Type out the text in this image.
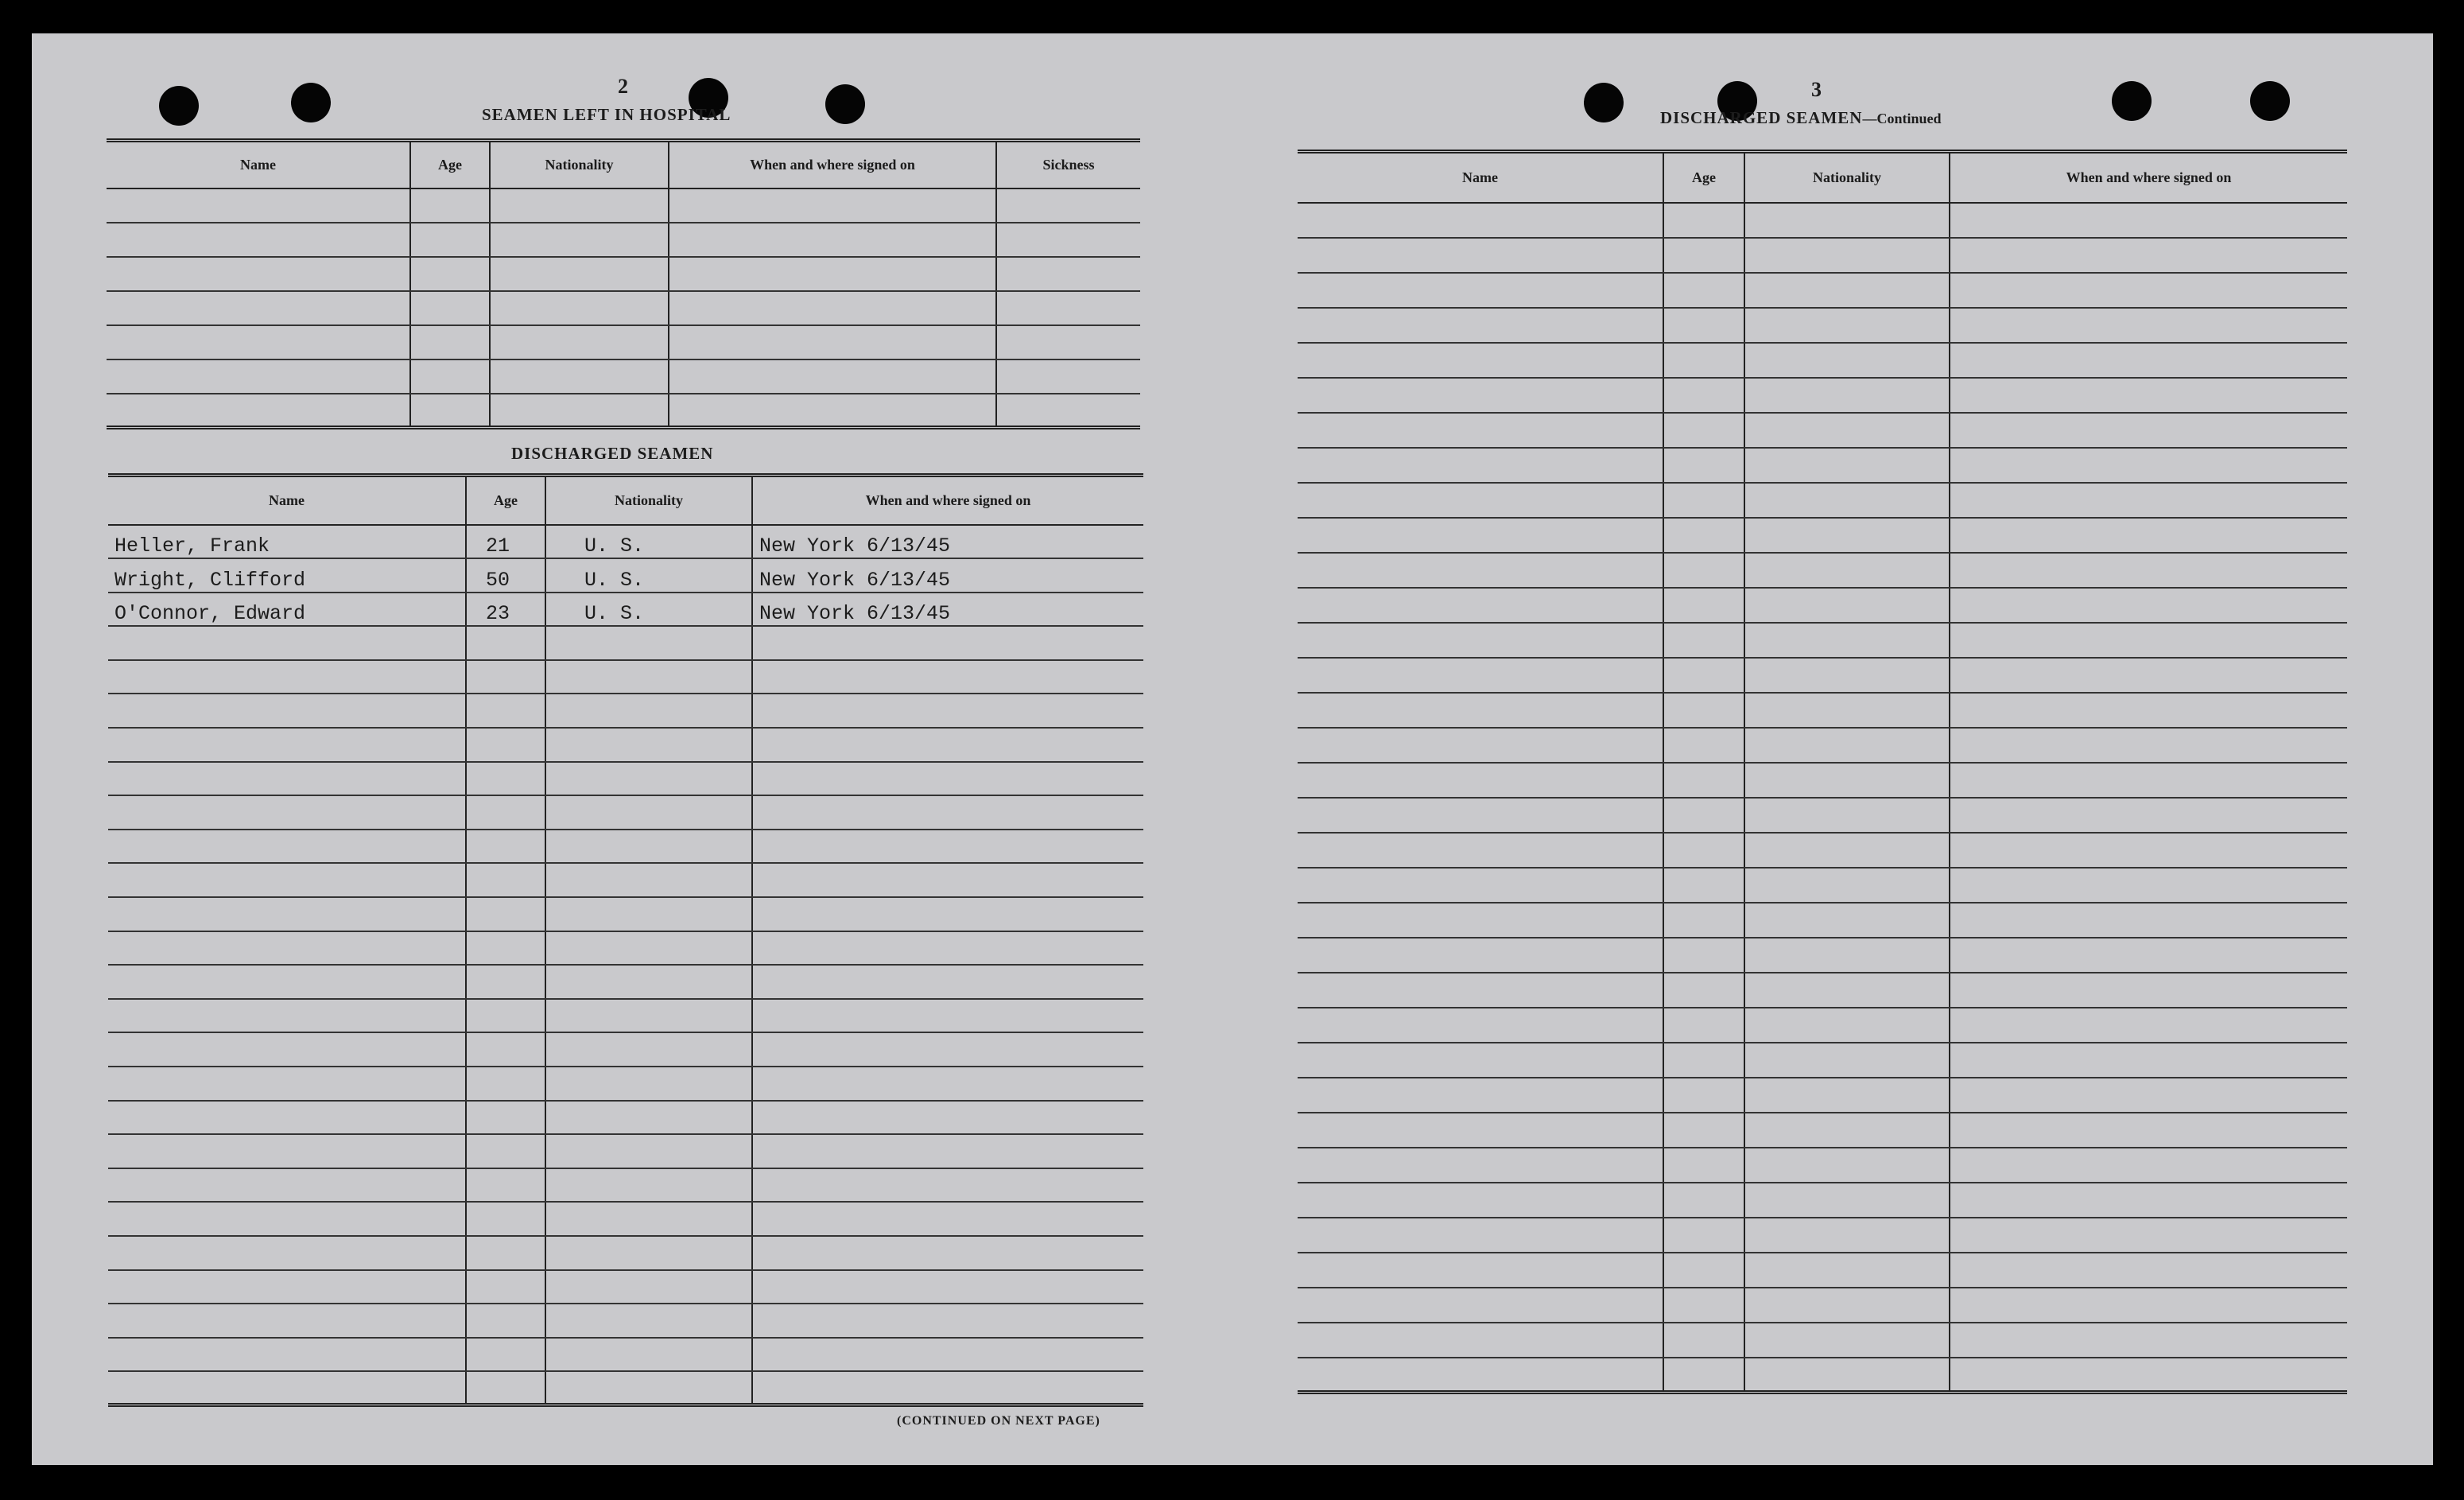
2
SEAMEN LEFT IN HOSPITAL
Name	Age	Nationality	When and where signed on	Sickness

DISCHARGED SEAMEN
Name	Age	Nationality	When and where signed on
Heller, Frank	21	U. S.	New York 6/13/45
Wright, Clifford	50	U. S.	New York 6/13/45
O'Connor, Edward	23	U. S.	New York 6/13/45

(CONTINUED ON NEXT PAGE)
3
DISCHARGED SEAMEN—Continued
Name	Age	Nationality	When and where signed on
